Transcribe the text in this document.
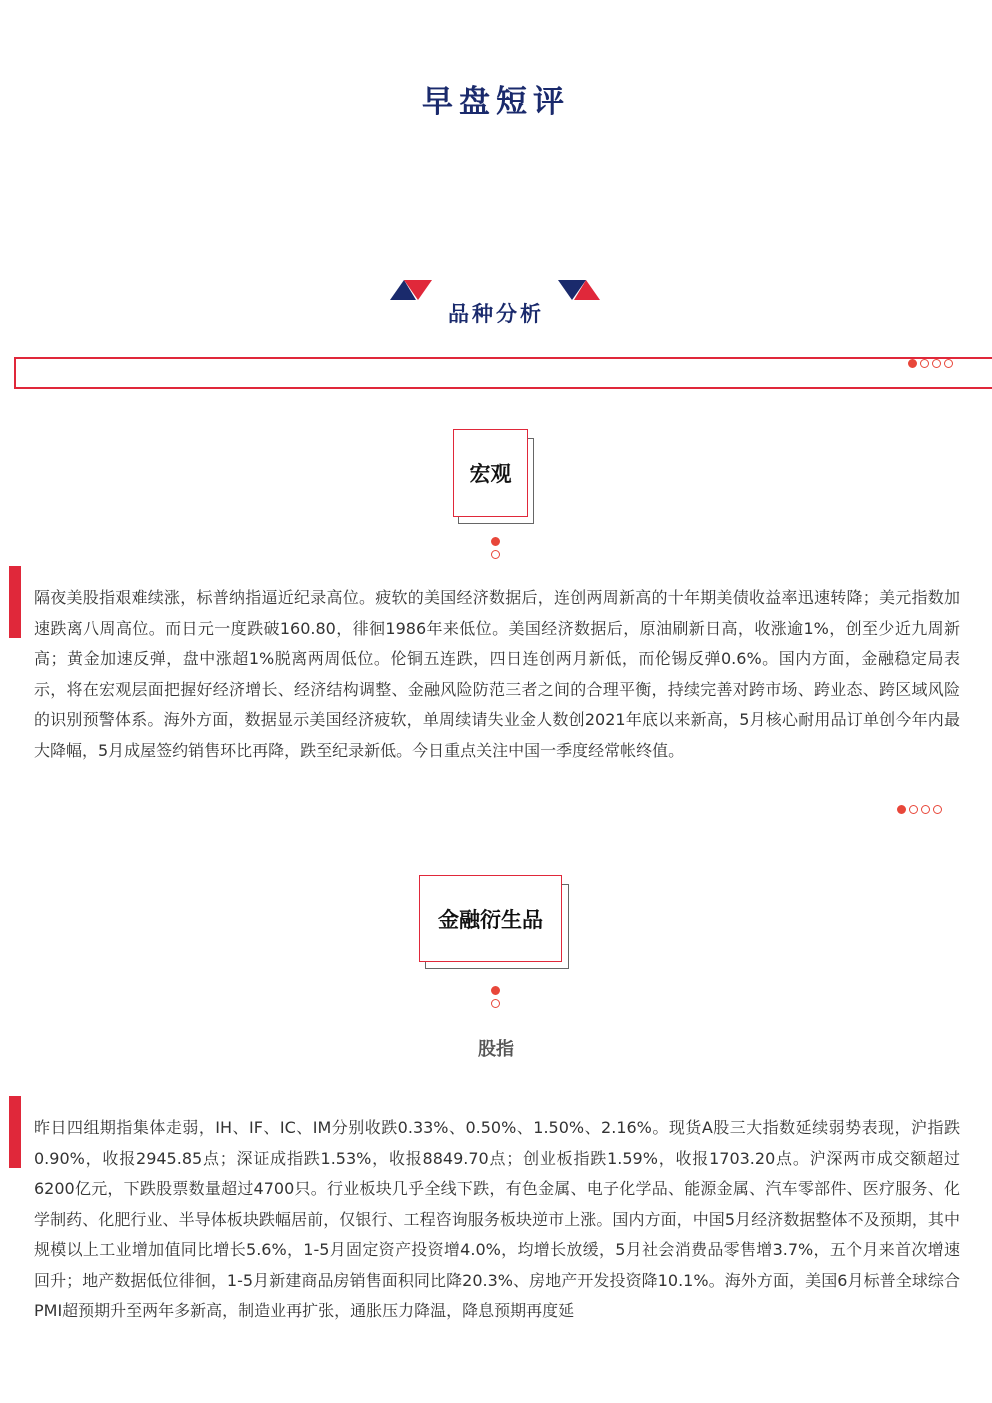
早盘短评
品种分析
宏观
隔夜美股指艰难续涨，标普纳指逼近纪录高位。疲软的美国经济数据后，连创两周新高的十年期美债收益率迅速转降；美元指数加速跌离八周高位。而日元一度跌破160.80，徘徊1986年来低位。美国经济数据后，原油刷新日高，收涨逾1%，创至少近九周新高；黄金加速反弹，盘中涨超1%脱离两周低位。伦铜五连跌，四日连创两月新低，而伦锡反弹0.6%。国内方面，金融稳定局表示，将在宏观层面把握好经济增长、经济结构调整、金融风险防范三者之间的合理平衡，持续完善对跨市场、跨业态、跨区域风险的识别预警体系。海外方面，数据显示美国经济疲软，单周续请失业金人数创2021年底以来新高，5月核心耐用品订单创今年内最大降幅，5月成屋签约销售环比再降，跌至纪录新低。今日重点关注中国一季度经常帐终值。
金融衍生品
股指
昨日四组期指集体走弱，IH、IF、IC、IM分别收跌0.33%、0.50%、1.50%、2.16%。现货A股三大指数延续弱势表现，沪指跌0.90%，收报2945.85点；深证成指跌1.53%，收报8849.70点；创业板指跌1.59%，收报1703.20点。沪深两市成交额超过6200亿元，下跌股票数量超过4700只。行业板块几乎全线下跌，有色金属、电子化学品、能源金属、汽车零部件、医疗服务、化学制药、化肥行业、半导体板块跌幅居前，仅银行、工程咨询服务板块逆市上涨。国内方面，中国5月经济数据整体不及预期，其中规模以上工业增加值同比增长5.6%，1-5月固定资产投资增4.0%，均增长放缓，5月社会消费品零售增3.7%，五个月来首次增速回升；地产数据低位徘徊，1-5月新建商品房销售面积同比降20.3%、房地产开发投资降10.1%。海外方面，美国6月标普全球综合PMI超预期升至两年多新高，制造业再扩张，通胀压力降温，降息预期再度延
